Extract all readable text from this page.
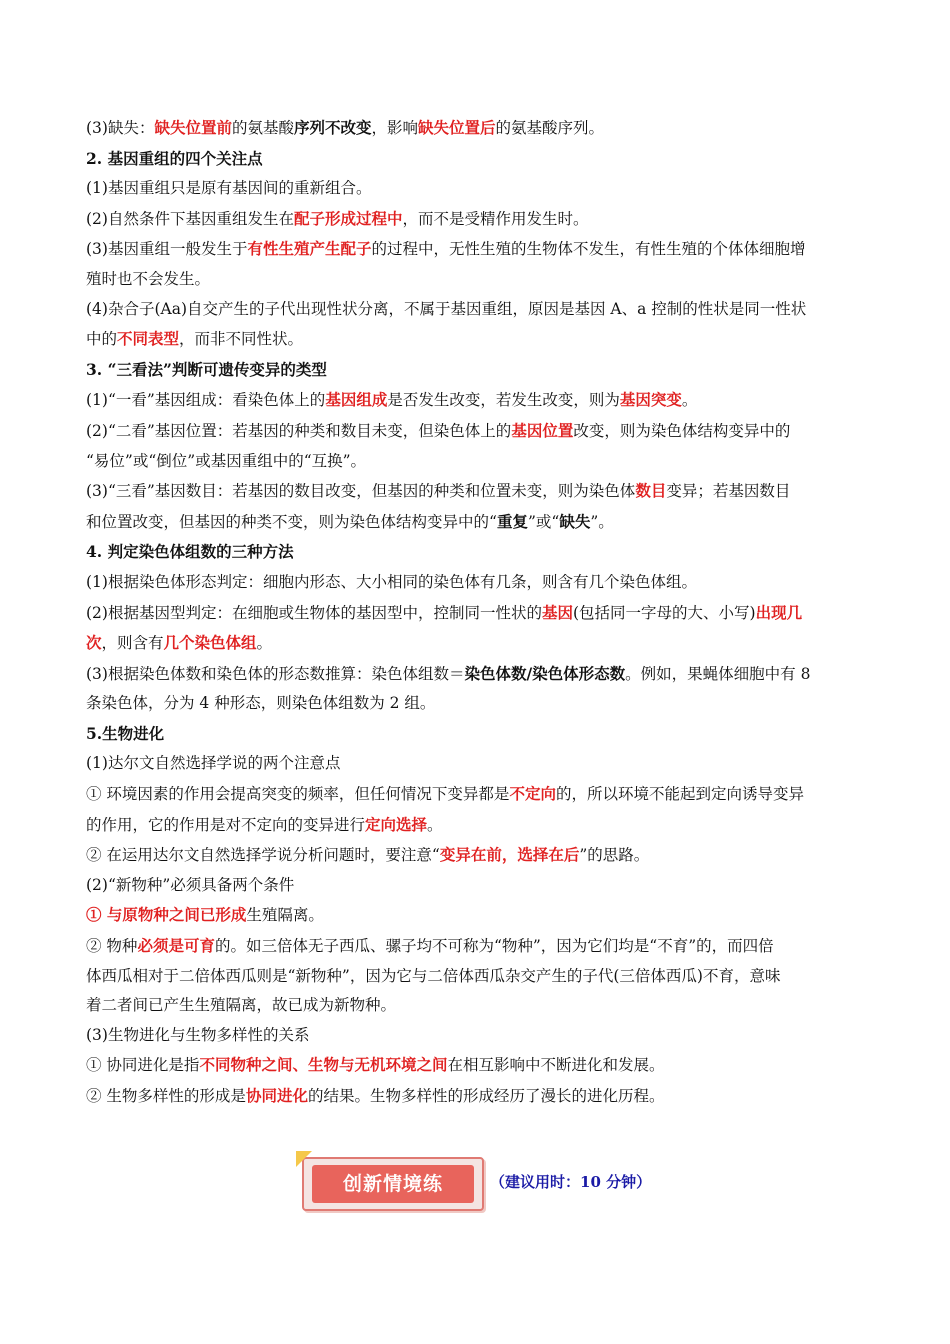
(3)缺失：缺失位置前的氨基酸序列不改变，影响缺失位置后的氨基酸序列。
2. 基因重组的四个关注点
(1)基因重组只是原有基因间的重新组合。
(2)自然条件下基因重组发生在配子形成过程中，而不是受精作用发生时。
(3)基因重组一般发生于有性生殖产生配子的过程中，无性生殖的生物体不发生，有性生殖的个体体细胞增
殖时也不会发生。
(4)杂合子(Aa)自交产生的子代出现性状分离，不属于基因重组，原因是基因 A、a 控制的性状是同一性状
中的不同表型，而非不同性状。
3. “三看法”判断可遗传变异的类型
(1)“一看”基因组成：看染色体上的基因组成是否发生改变，若发生改变，则为基因突变。
(2)“二看”基因位置：若基因的种类和数目未变，但染色体上的基因位置改变，则为染色体结构变异中的
“易位”或“倒位”或基因重组中的“互换”。
(3)“三看”基因数目：若基因的数目改变，但基因的种类和位置未变，则为染色体数目变异；若基因数目
和位置改变，但基因的种类不变，则为染色体结构变异中的“重复”或“缺失”。
4. 判定染色体组数的三种方法
(1)根据染色体形态判定：细胞内形态、大小相同的染色体有几条，则含有几个染色体组。
(2)根据基因型判定：在细胞或生物体的基因型中，控制同一性状的基因(包括同一字母的大、小写)出现几
次，则含有几个染色体组。
(3)根据染色体数和染色体的形态数推算：染色体组数＝染色体数/染色体形态数。例如，果蝇体细胞中有 8
条染色体，分为 4 种形态，则染色体组数为 2 组。
5.生物进化
(1)达尔文自然选择学说的两个注意点
① 环境因素的作用会提高突变的频率，但任何情况下变异都是不定向的，所以环境不能起到定向诱导变异
的作用，它的作用是对不定向的变异进行定向选择。
② 在运用达尔文自然选择学说分析问题时，要注意“变异在前，选择在后”的思路。
(2)“新物种”必须具备两个条件
① 与原物种之间已形成生殖隔离。
② 物种必须是可育的。如三倍体无子西瓜、骡子均不可称为“物种”，因为它们均是“不育”的，而四倍
体西瓜相对于二倍体西瓜则是“新物种”，因为它与二倍体西瓜杂交产生的子代(三倍体西瓜)不育，意味
着二者间已产生生殖隔离，故已成为新物种。
(3)生物进化与生物多样性的关系
① 协同进化是指不同物种之间、生物与无机环境之间在相互影响中不断进化和发展。
② 生物多样性的形成是协同进化的结果。生物多样性的形成经历了漫长的进化历程。
创新情境练	（建议用时：10 分钟）
